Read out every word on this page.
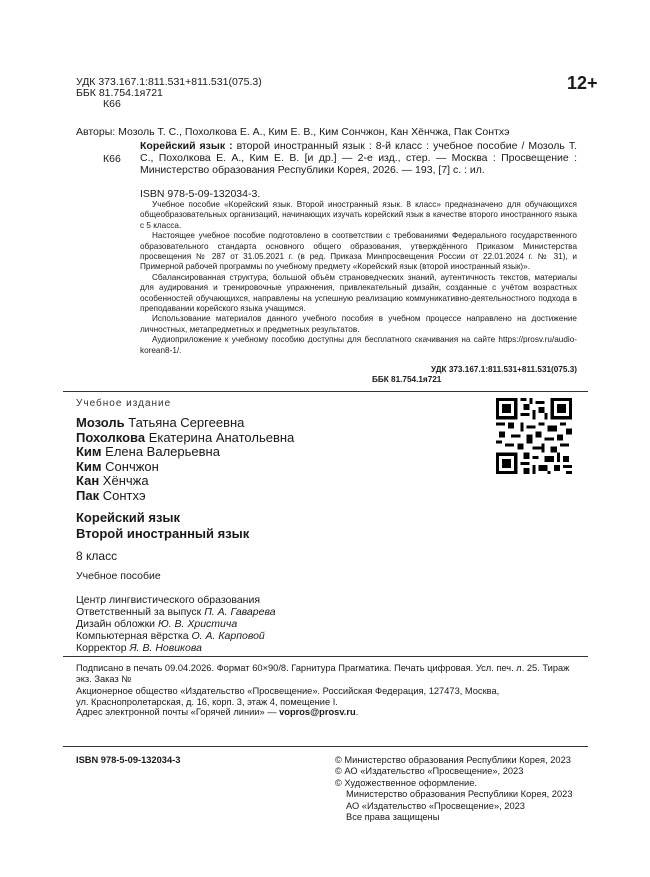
УДК 373.167.1:811.531+811.531(075.3)
ББК 81.754.1я721
К66
12+
Авторы: Мозоль Т. С., Похолкова Е. А., Ким Е. В., Ким Сончжон, Кан Хёнчжа, Пак Сонтхэ
К66
Корейский язык : второй иностранный язык : 8-й класс : учебное пособие / Мозоль Т. С., Похолкова Е. А., Ким Е. В. [и др.] — 2-е изд., стер. — Москва : Просвещение : Министерство образования Республики Корея, 2026. — 193, [7] с. : ил.
ISBN 978-5-09-132034-3.
Учебное пособие «Корейский язык. Второй иностранный язык. 8 класс» предназначено для обучающихся общеобразовательных организаций, начинающих изучать корейский язык в качестве второго иностранного языка с 5 класса.
Настоящее учебное пособие подготовлено в соответствии с требованиями Федерального государственного образовательного стандарта основного общего образования, утверждённого Приказом Министерства просвещения № 287 от 31.05.2021 г. (в ред. Приказа Минпросвещения России от 22.01.2024 г. № 31), и Примерной рабочей программы по учебному предмету «Корейский язык (второй иностранный язык)».
Сбалансированная структура, большой объём страноведческих знаний, аутентичность текстов, материалы для аудирования и тренировочные упражнения, привлекательный дизайн, созданные с учётом возрастных особенностей обучающихся, направлены на успешную реализацию коммуникативно-деятельностного подхода в преподавании корейского языка учащимся.
Использование материалов данного учебного пособия в учебном процессе направлено на достижение личностных, метапредметных и предметных результатов.
Аудиоприложение к учебному пособию доступны для бесплатного скачивания на сайте https://prosv.ru/audio-korean8-1/.
УДК 373.167.1:811.531+811.531(075.3)
ББК 81.754.1я721
Учебное издание
Мозоль Татьяна Сергеевна
Похолкова Екатерина Анатольевна
Ким Елена Валерьевна
Ким Сончжон
Кан Хёнчжа
Пак Сонтхэ
Корейский язык
Второй иностранный язык
8 класс
Учебное пособие
Центр лингвистического образования
Ответственный за выпуск П. А. Гаварева
Дизайн обложки Ю. В. Христича
Компьютерная вёрстка О. А. Карповой
Корректор Я. В. Новикова
Подписано в печать 09.04.2026. Формат 60×90/8. Гарнитура Прагматика. Печать цифровая. Усл. печ. л. 25. Тираж экз. Заказ №
Акционерное общество «Издательство «Просвещение». Российская Федерация, 127473, Москва,
ул. Краснопролетарская, д. 16, корп. 3, этаж 4, помещение I.
Адрес электронной почты «Горячей линии» — vopros@prosv.ru.
ISBN 978-5-09-132034-3	© Министерство образования Республики Корея, 2023
© АО «Издательство «Просвещение», 2023
© Художественное оформление.
Министерство образования Республики Корея, 2023
АО «Издательство «Просвещение», 2023
Все права защищены
